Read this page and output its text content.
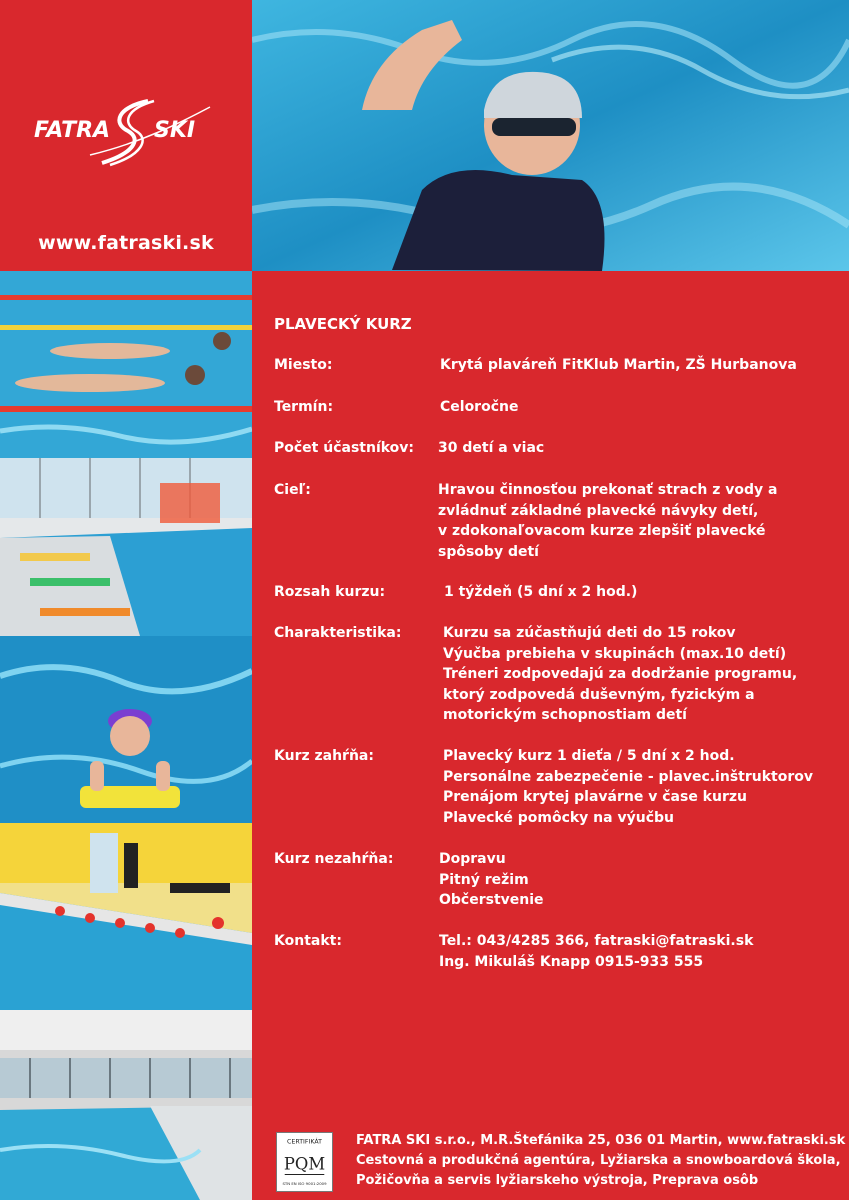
FATRA SKI
www.fatraski.sk
PLAVECKÝ KURZ
Miesto:	Krytá plaváreň FitKlub Martin, ZŠ Hurbanova
Termín:	Celoročne
Počet účastníkov: 30 detí a viac
Cieľ:	Hravou činnosťou prekonať strach z vody a
zvládnuť základné plavecké návyky detí,
v zdokonaľovacom kurze zlepšiť plavecké
spôsoby detí
Rozsah kurzu:	1 týždeň (5 dní x 2 hod.)
Charakteristika:	Kurzu sa zúčastňujú deti do 15 rokov
Výučba prebieha v skupinách (max.10 detí)
Tréneri zodpovedajú za dodržanie programu,
ktorý zodpovedá duševným, fyzickým a
motorickým schopnostiam detí
Kurz zahŕňa:	Plavecký kurz 1 dieťa / 5 dní x 2 hod.
Personálne zabezpečenie - plavec.inštruktorov
Prenájom krytej plavárne v čase kurzu
Plavecké pomôcky na výučbu
Kurz nezahŕňa:	Dopravu
Pitný režim
Občerstvenie
Kontakt:	Tel.: 043/4285 366, fatraski@fatraski.sk
Ing. Mikuláš Knapp 0915-933 555
CERTIFIKÁT
PQM
STN EN ISO 9001:2009
FATRA SKI s.r.o., M.R.Štefánika 25, 036 01 Martin, www.fatraski.sk
Cestovná a produkčná agentúra, Lyžiarska a snowboardová škola,
Požičovňa a servis lyžiarskeho výstroja, Preprava osôb
